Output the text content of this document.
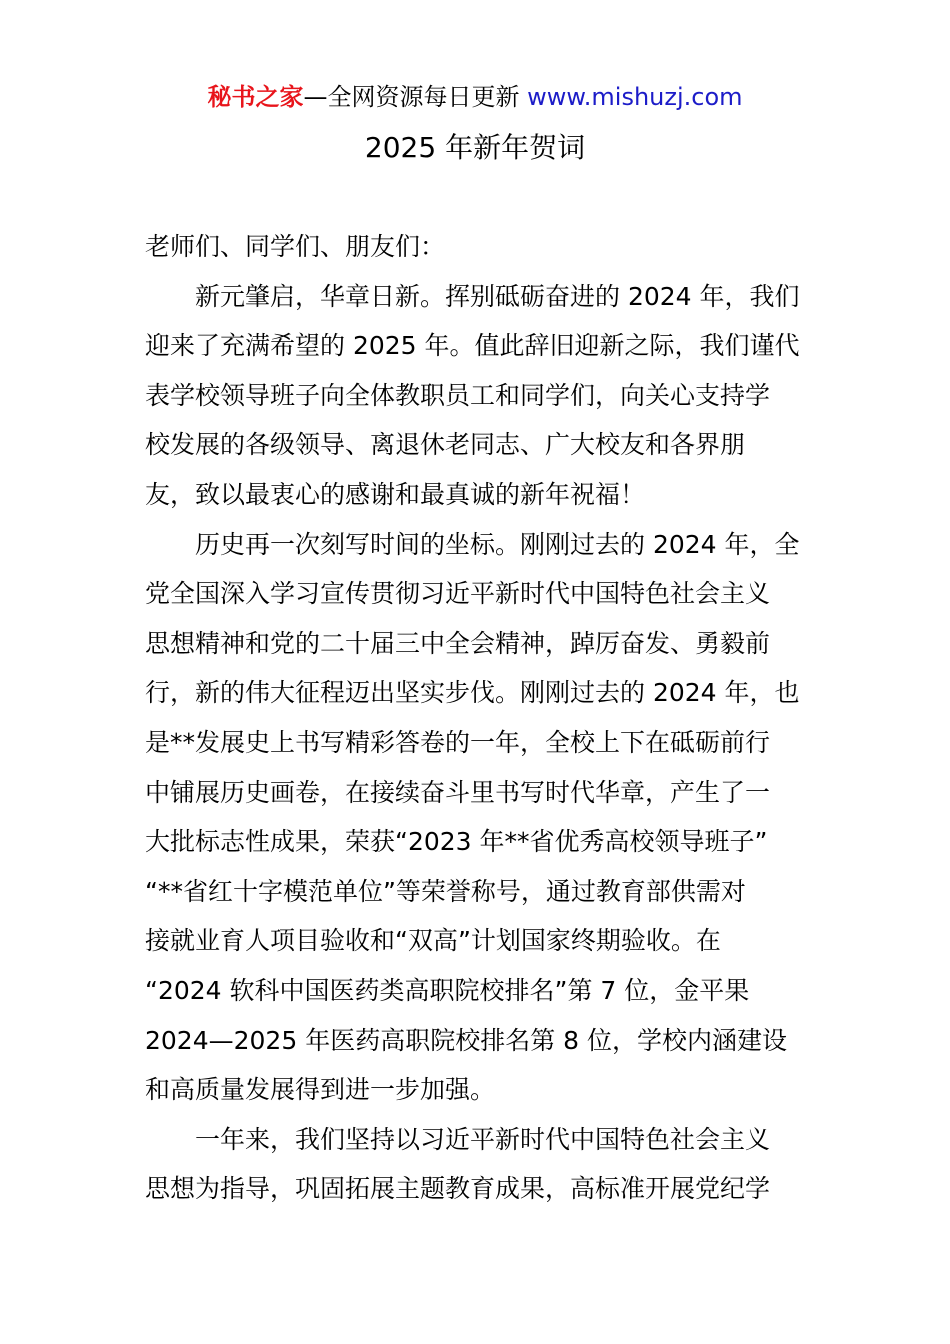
秘书之家—全网资源每日更新 www.mishuzj.com
2025 年新年贺词
老师们、同学们、朋友们：
新元肇启，华章日新。挥别砥砺奋进的 2024 年，我们
迎来了充满希望的 2025 年。值此辞旧迎新之际，我们谨代
表学校领导班子向全体教职员工和同学们，向关心支持学
校发展的各级领导、离退休老同志、广大校友和各界朋
友，致以最衷心的感谢和最真诚的新年祝福！
历史再一次刻写时间的坐标。刚刚过去的 2024 年，全
党全国深入学习宣传贯彻习近平新时代中国特色社会主义
思想精神和党的二十届三中全会精神，踔厉奋发、勇毅前
行，新的伟大征程迈出坚实步伐。刚刚过去的 2024 年，也
是**发展史上书写精彩答卷的一年，全校上下在砥砺前行
中铺展历史画卷，在接续奋斗里书写时代华章，产生了一
大批标志性成果，荣获“2023 年**省优秀高校领导班子”
“**省红十字模范单位”等荣誉称号，通过教育部供需对
接就业育人项目验收和“双高”计划国家终期验收。在
“2024 软科中国医药类高职院校排名”第 7 位，金平果
2024—2025 年医药高职院校排名第 8 位，学校内涵建设
和高质量发展得到进一步加强。
一年来，我们坚持以习近平新时代中国特色社会主义
思想为指导，巩固拓展主题教育成果，高标准开展党纪学
